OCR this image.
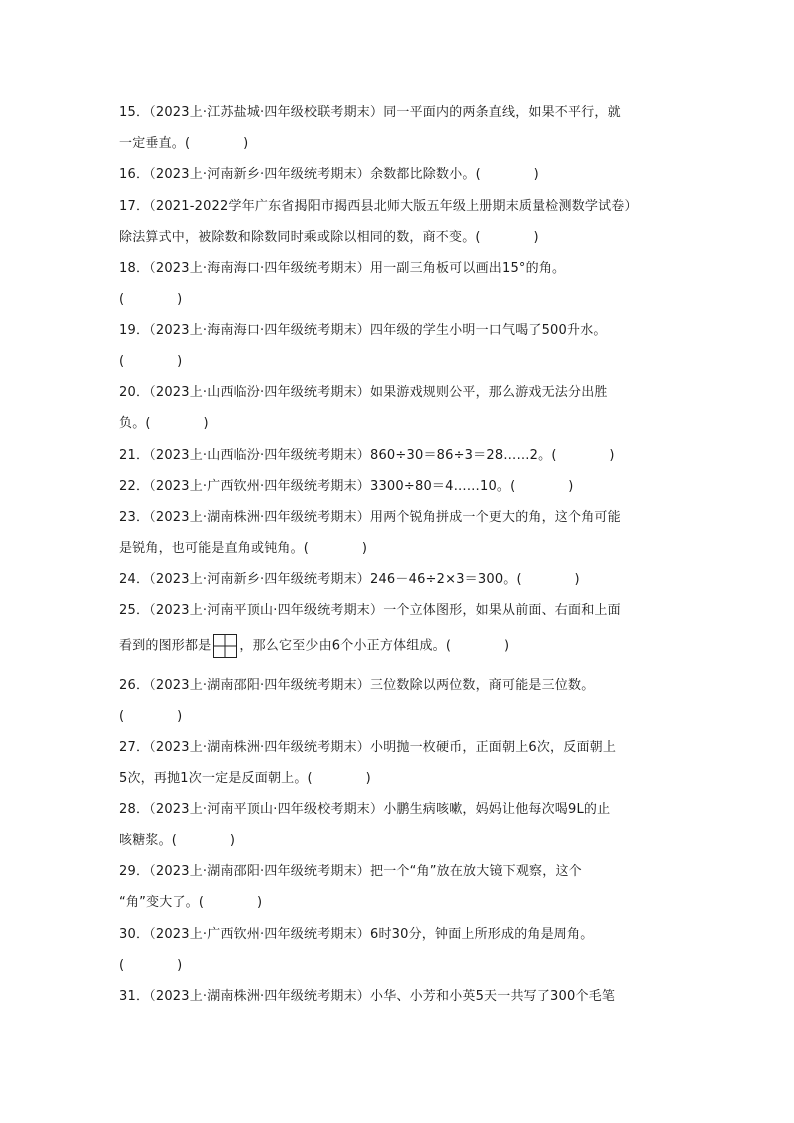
15．（2023上·江苏盐城·四年级校联考期末）同一平面内的两条直线，如果不平行，就
一定垂直。(　　　　)
16．（2023上·河南新乡·四年级统考期末）余数都比除数小。(　　　　)
17．（2021-2022学年广东省揭阳市揭西县北师大版五年级上册期末质量检测数学试卷）
除法算式中，被除数和除数同时乘或除以相同的数，商不变。(　　　　)
18．（2023上·海南海口·四年级统考期末）用一副三角板可以画出15°的角。
(　　　　)
19．（2023上·海南海口·四年级统考期末）四年级的学生小明一口气喝了500升水。
(　　　　)
20．（2023上·山西临汾·四年级统考期末）如果游戏规则公平，那么游戏无法分出胜
负。(　　　　)
21．（2023上·山西临汾·四年级统考期末）860÷30＝86÷3＝28……2。(　　　　)
22．（2023上·广西钦州·四年级统考期末）3300÷80＝4……10。(　　　　)
23．（2023上·湖南株洲·四年级统考期末）用两个锐角拼成一个更大的角，这个角可能
是锐角，也可能是直角或钝角。(　　　　)
24．（2023上·河南新乡·四年级统考期末）246－46÷2×3＝300。(　　　　)
25．（2023上·河南平顶山·四年级统考期末）一个立体图形，如果从前面、右面和上面
看到的图形都是 ，那么它至少由6个小正方体组成。(　　　　)
26．（2023上·湖南邵阳·四年级统考期末）三位数除以两位数，商可能是三位数。
(　　　　)
27．（2023上·湖南株洲·四年级统考期末）小明抛一枚硬币，正面朝上6次，反面朝上
5次，再抛1次一定是反面朝上。(　　　　)
28．（2023上·河南平顶山·四年级校考期末）小鹏生病咳嗽，妈妈让他每次喝9L的止
咳糖浆。(　　　　)
29．（2023上·湖南邵阳·四年级统考期末）把一个“角”放在放大镜下观察，这个
“角”变大了。(　　　　)
30．（2023上·广西钦州·四年级统考期末）6时30分，钟面上所形成的角是周角。
(　　　　)
31．（2023上·湖南株洲·四年级统考期末）小华、小芳和小英5天一共写了300个毛笔
